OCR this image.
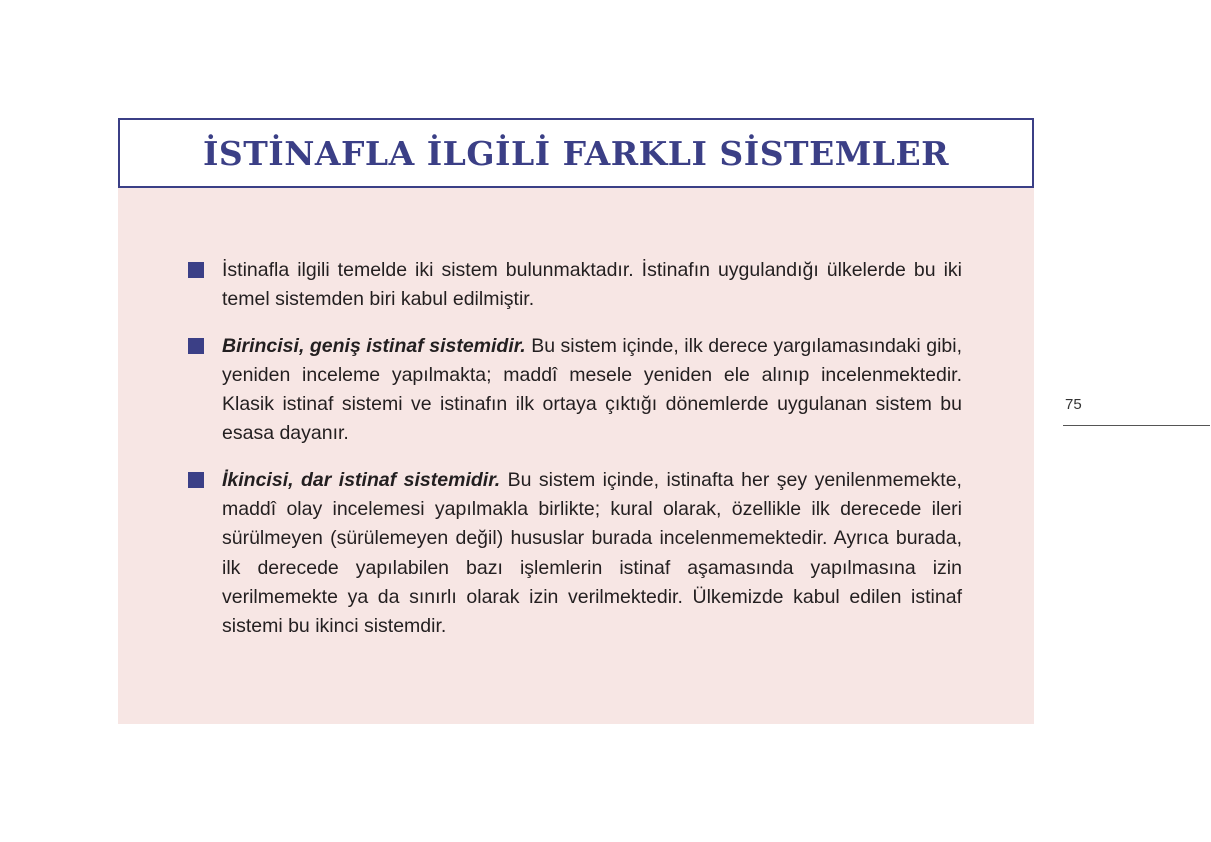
İSTİNAFLA İLGİLİ FARKLI SİSTEMLER
İstinafla ilgili temelde iki sistem bulunmaktadır. İstinafın uygulandığı ülkelerde bu iki temel sistemden biri kabul edilmiştir.
Birincisi, geniş istinaf sistemidir. Bu sistem içinde, ilk derece yargılamasındaki gibi, yeniden inceleme yapılmakta; maddî mesele yeniden ele alınıp incelenmektedir. Klasik istinaf sistemi ve istinafın ilk ortaya çıktığı dönemlerde uygulanan sistem bu esasa dayanır.
İkincisi, dar istinaf sistemidir. Bu sistem içinde, istinafta her şey yenilenmemekte, maddî olay incelemesi yapılmakla birlikte; kural olarak, özellikle ilk derecede ileri sürülmeyen (sürülemeyen değil) hususlar burada incelenmemektedir. Ayrıca burada, ilk derecede yapılabilen bazı işlemlerin istinaf aşamasında yapılmasına izin verilmemekte ya da sınırlı olarak izin verilmektedir. Ülkemizde kabul edilen istinaf sistemi bu ikinci sistemdir.
75
